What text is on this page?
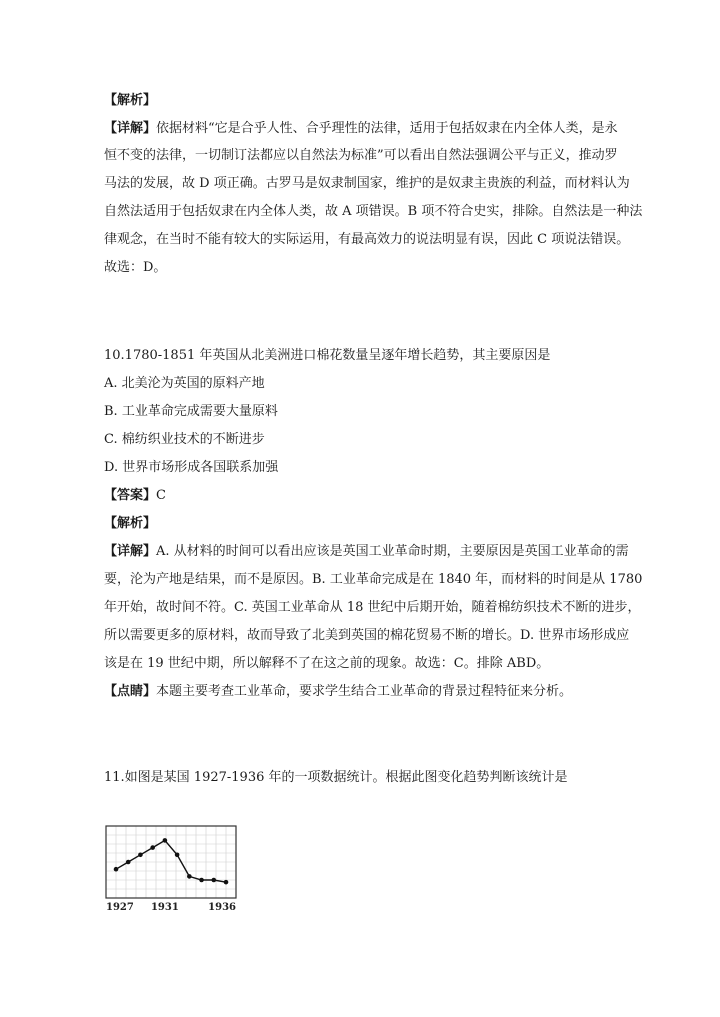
【解析】
【详解】依据材料“它是合乎人性、合乎理性的法律，适用于包括奴隶在内全体人类，是永
恒不变的法律，一切制订法都应以自然法为标准”可以看出自然法强调公平与正义，推动罗
马法的发展，故 D 项正确。古罗马是奴隶制国家，维护的是奴隶主贵族的利益，而材料认为
自然法适用于包括奴隶在内全体人类，故 A 项错误。B 项不符合史实，排除。自然法是一种法
律观念，在当时不能有较大的实际运用，有最高效力的说法明显有误，因此 C 项说法错误。
故选：D。
10.1780-1851 年英国从北美洲进口棉花数量呈逐年增长趋势，其主要原因是
A. 北美沦为英国的原料产地
B. 工业革命完成需要大量原料
C. 棉纺织业技术的不断进步
D. 世界市场形成各国联系加强
【答案】C
【解析】
【详解】A. 从材料的时间可以看出应该是英国工业革命时期，主要原因是英国工业革命的需
要，沦为产地是结果，而不是原因。B. 工业革命完成是在 1840 年，而材料的时间是从 1780
年开始，故时间不符。C. 英国工业革命从 18 世纪中后期开始，随着棉纺织技术不断的进步，
所以需要更多的原材料，故而导致了北美到英国的棉花贸易不断的增长。D. 世界市场形成应
该是在 19 世纪中期，所以解释不了在这之前的现象。故选：C。排除 ABD。
【点睛】本题主要考查工业革命，要求学生结合工业革命的背景过程特征来分析。
11.如图是某国 1927-1936 年的一项数据统计。根据此图变化趋势判断该统计是
1927 1931	1936
